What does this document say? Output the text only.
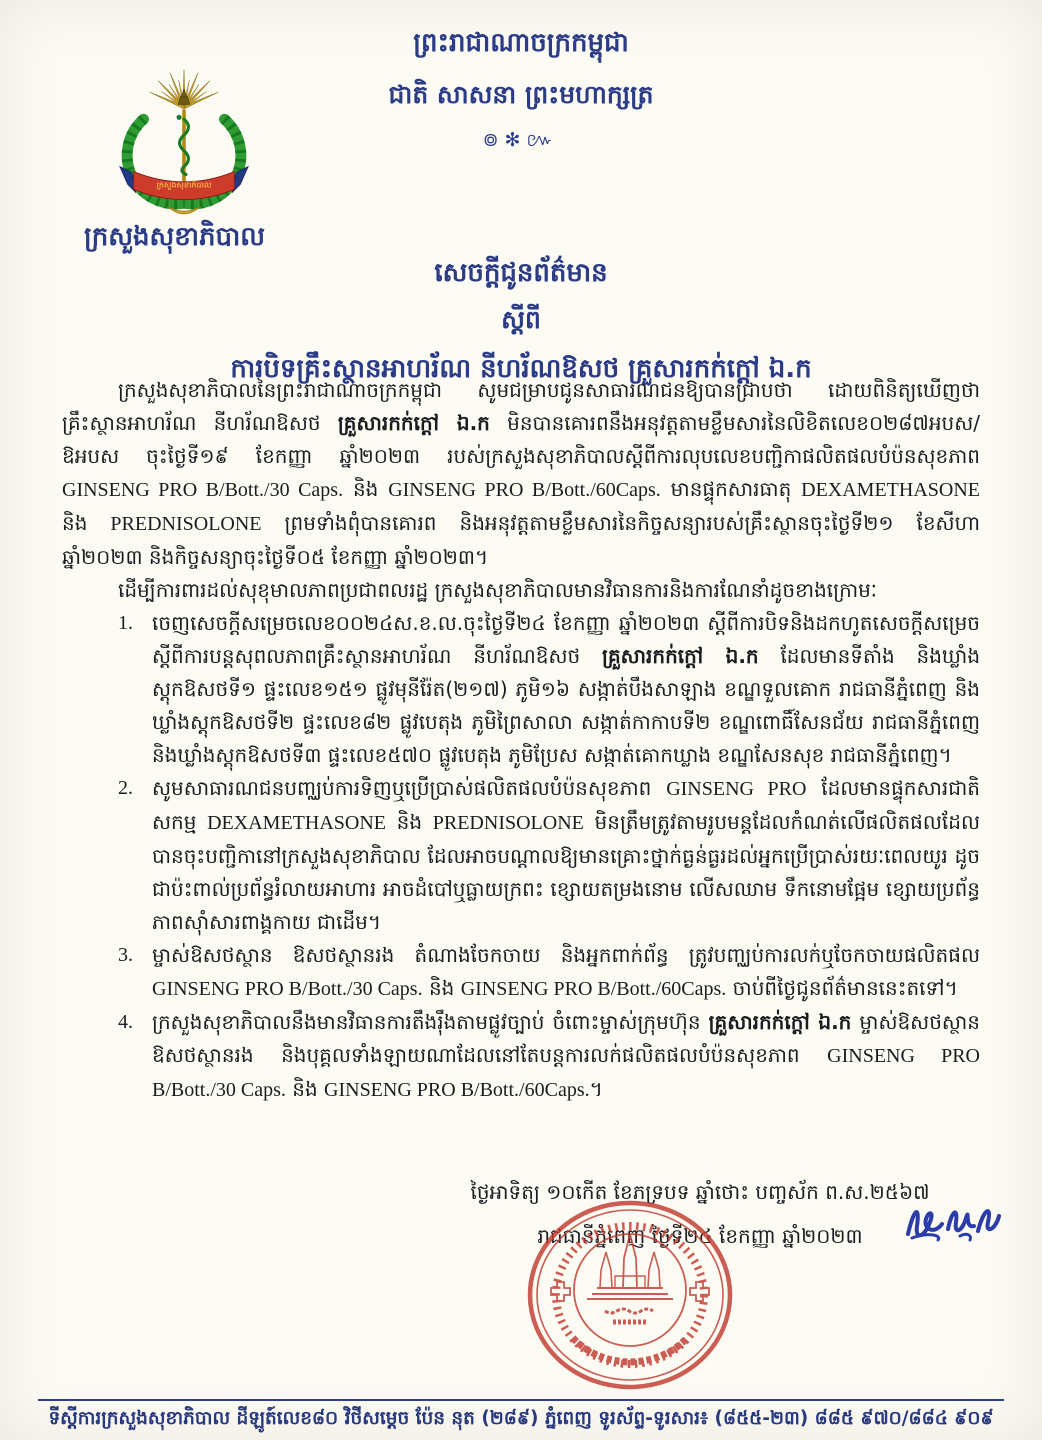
ក្រសួងសុខាភិបាល
ព្រះរាជាណាចក្រកម្ពុជា
ជាតិ សាសនា ព្រះមហាក្សត្រ
៙✻៚
ក្រសួងសុខាភិបាល
សេចក្តីជូនព័ត៌មាន
ស្តីពី
ការបិទគ្រឹះស្ថានអាហរ័ណ នីហរ័ណឱសថ គ្រួសារកក់ក្តៅ ឯ.ក

ក្រសួងសុខាភិបាលនៃព្រះរាជាណាចក្រកម្ពុជា សូមជម្រាបជូនសាធារណជនឱ្យបានជ្រាបថា ដោយពិនិត្យឃើញថាគ្រឹះស្ថានអាហរ័ណ នីហរ័ណឱសថ គ្រួសារកក់ក្តៅ ឯ.ក មិនបានគោរពនឹងអនុវត្តតាមខ្លឹមសារនៃលិខិតលេខ០២៨៧អបស/ឱអបស ចុះថ្ងៃទី១៩ ខែកញ្ញា ឆ្នាំ២០២៣ របស់ក្រសួងសុខាភិបាលស្តីពីការលុបលេខបញ្ជិកាផលិតផលបំប៉នសុខភាព GINSENG PRO B/Bott./30 Caps. និង GINSENG PRO B/Bott./60Caps. មានផ្ទុកសារធាតុ DEXAMETHASONE និង PREDNISOLONE ព្រមទាំងពុំបានគោរព និងអនុវត្តតាមខ្លឹមសារនៃកិច្ចសន្យារបស់គ្រឹះស្ថានចុះថ្ងៃទី២១ ខែសីហា ឆ្នាំ២០២៣ និងកិច្ចសន្យាចុះថ្ងៃទី០៥ ខែកញ្ញា ឆ្នាំ២០២៣។

ដើម្បីការពារដល់សុខុមាលភាពប្រជាពលរដ្ឋ ក្រសួងសុខាភិបាលមានវិធានការនិងការណែនាំដូចខាងក្រោមៈ

1. ចេញសេចក្តីសម្រេចលេខ០០២៤ស.ខ.ល.ចុះថ្ងៃទី២៤ ខែកញ្ញា ឆ្នាំ២០២៣ ស្តីពីការបិទនិងដកហូតសេចក្តីសម្រេចស្តីពីការបន្តសុពលភាពគ្រឹះស្ថានអាហរ័ណ នីហរ័ណឱសថ គ្រួសារកក់ក្តៅ ឯ.ក ដែលមានទីតាំង និងឃ្លាំងស្តុកឱសថទី១ ផ្ទះលេខ១៥១ ផ្លូវមុនីរ៉ែត(២១៧) ភូមិ១៦ សង្កាត់បឹងសាឡាង ខណ្ឌទួលគោក រាជធានីភ្នំពេញ និងឃ្លាំងស្តុកឱសថទី២ ផ្ទះលេខ៨២ ផ្លូវបេតុង ភូមិព្រៃសាលា សង្កាត់កាកាបទី២ ខណ្ឌពោធិ៍សែនជ័យ រាជធានីភ្នំពេញ និងឃ្លាំងស្តុកឱសថទី៣ ផ្ទះលេខ៥៧០ ផ្លូវបេតុង ភូមិប្រែស សង្កាត់គោកឃ្លាង ខណ្ឌសែនសុខ រាជធានីភ្នំពេញ។
2. សូមសាធារណជនបញ្ឈប់ការទិញឬប្រើប្រាស់ផលិតផលបំប៉នសុខភាព GINSENG PRO ដែលមានផ្ទុកសារជាតិសកម្ម DEXAMETHASONE និង PREDNISOLONE មិនត្រឹមត្រូវតាមរូបមន្តដែលកំណត់លើផលិតផលដែលបានចុះបញ្ជិកានៅក្រសួងសុខាភិបាល ដែលអាចបណ្តាលឱ្យមានគ្រោះថ្នាក់ធ្ងន់ធ្ងរដល់អ្នកប្រើប្រាស់រយៈពេលយូរ ដូចជាប៉ះពាល់ប្រព័ន្ធរំលាយអាហារ អាចដំបៅឬធ្លាយក្រពះ ខ្សោយតម្រងនោម លើសឈាម ទឹកនោមផ្អែម ខ្សោយប្រព័ន្ធភាពស៊ាំសារពាង្គកាយ ជាដើម។
3. ម្ចាស់ឱសថស្ថាន ឱសថស្ថានរង តំណាងចែកចាយ និងអ្នកពាក់ព័ន្ធ ត្រូវបញ្ឈប់ការលក់ឬចែកចាយផលិតផល GINSENG PRO B/Bott./30 Caps. និង GINSENG PRO B/Bott./60Caps. ចាប់ពីថ្ងៃជូនព័ត៌មាននេះតទៅ។
4. ក្រសួងសុខាភិបាលនឹងមានវិធានការតឹងរ៉ឹងតាមផ្លូវច្បាប់ ចំពោះម្ចាស់ក្រុមហ៊ុន គ្រួសារកក់ក្តៅ ឯ.ក ម្ចាស់ឱសថស្ថាន ឱសថស្ថានរង និងបុគ្គលទាំងឡាយណាដែលនៅតែបន្តការលក់ផលិតផលបំប៉នសុខភាព GINSENG PRO B/Bott./30 Caps. និង GINSENG PRO B/Bott./60Caps.។
ថ្ងៃអាទិត្យ ១០កើត ខែភទ្របទ ឆ្នាំថោះ បញ្ចស័ក ព.ស.២៥៦៧
រាជធានីភ្នំពេញ ថ្ងៃទី២៤ ខែកញ្ញា ឆ្នាំ២០២៣
ទីស្តីការក្រសួងសុខាភិបាល ដីឡូត៍លេខ៨០ វិថីសម្តេច ប៉ែន នុត (២៨៩) ភ្នំពេញ ទូរស័ព្ទ-ទូរសារ៖ (៨៥៥-២៣) ៨៨៥ ៩៧០/៨៨៤ ៩០៩
